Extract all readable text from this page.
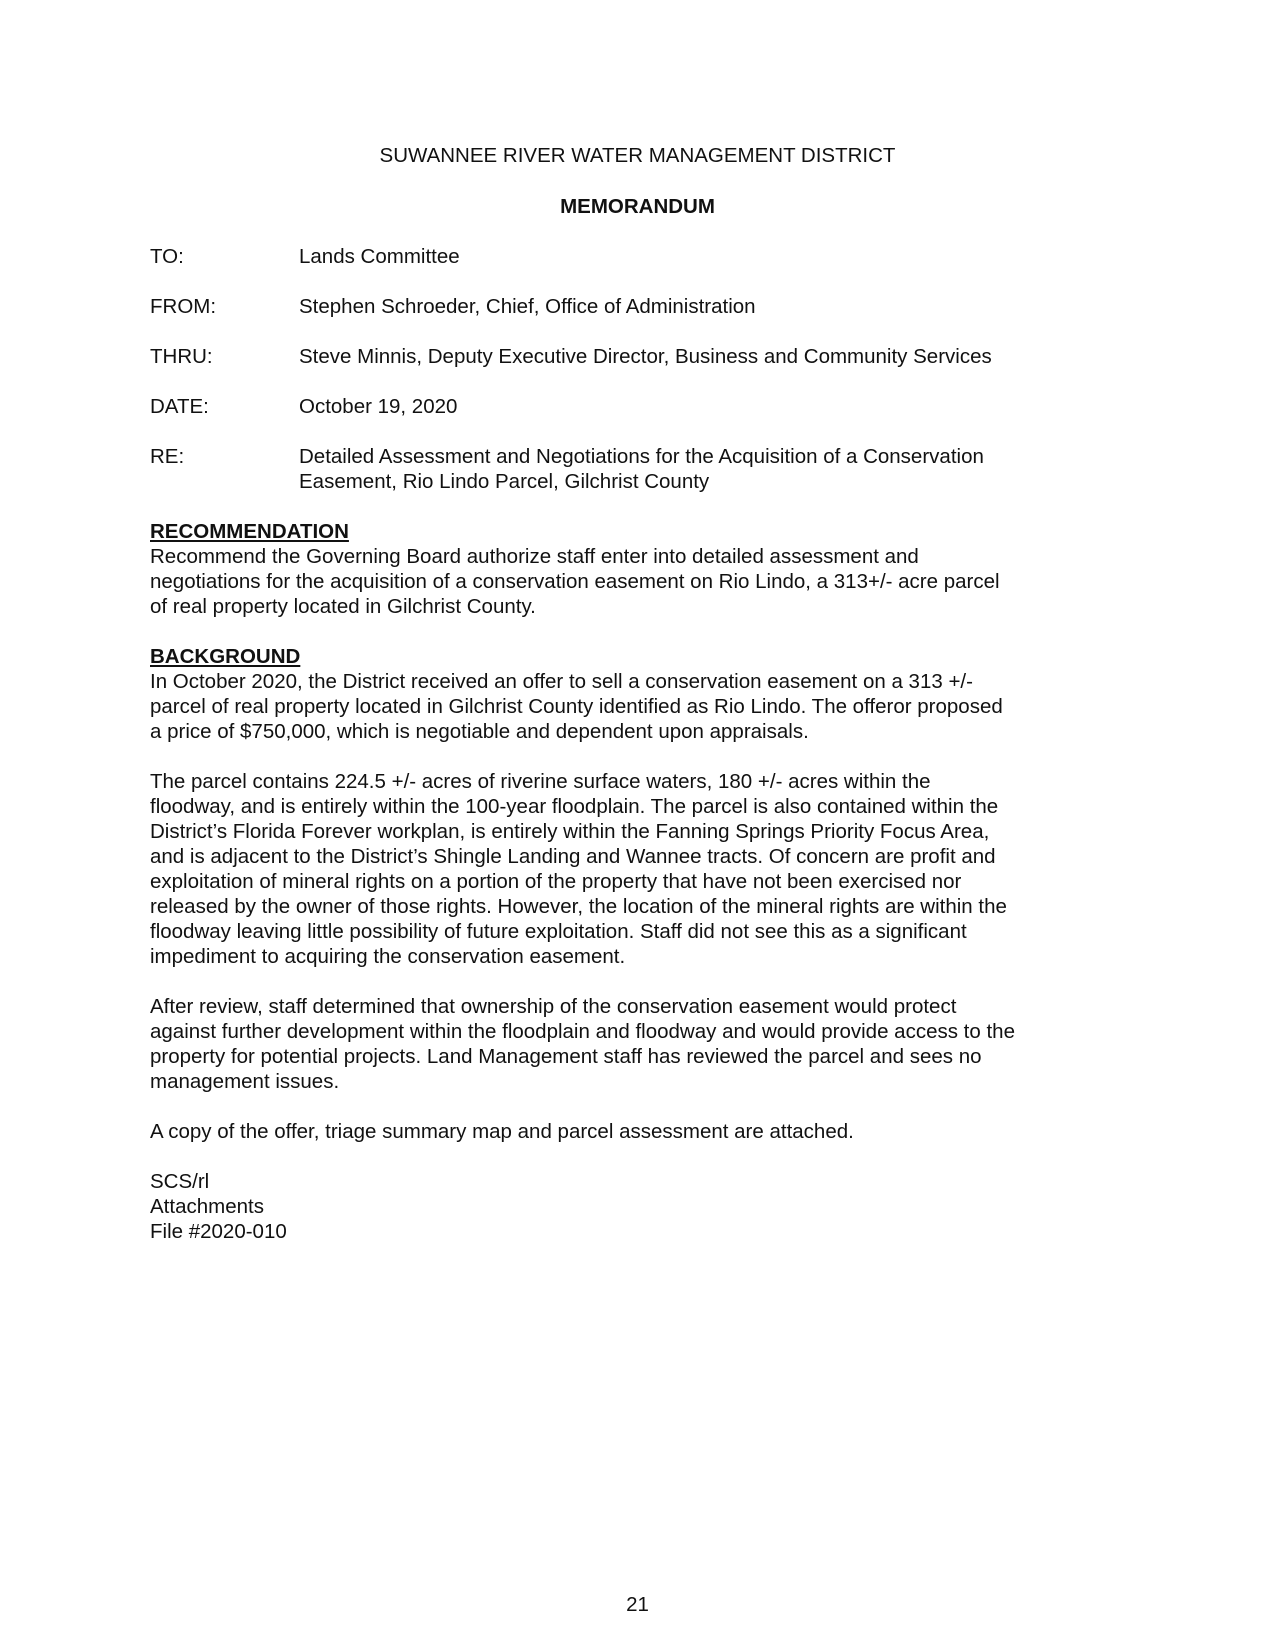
SUWANNEE RIVER WATER MANAGEMENT DISTRICT
MEMORANDUM
TO:	Lands Committee
FROM:	Stephen Schroeder, Chief, Office of Administration
THRU:	Steve Minnis, Deputy Executive Director, Business and Community Services
DATE:	October 19, 2020
RE:	Detailed Assessment and Negotiations for the Acquisition of a Conservation
Easement, Rio Lindo Parcel, Gilchrist County
RECOMMENDATION
Recommend the Governing Board authorize staff enter into detailed assessment and
negotiations for the acquisition of a conservation easement on Rio Lindo, a 313+/- acre parcel
of real property located in Gilchrist County.
BACKGROUND
In October 2020, the District received an offer to sell a conservation easement on a 313 +/-
parcel of real property located in Gilchrist County identified as Rio Lindo. The offeror proposed
a price of $750,000, which is negotiable and dependent upon appraisals.
The parcel contains 224.5 +/- acres of riverine surface waters, 180 +/- acres within the
floodway, and is entirely within the 100-year floodplain. The parcel is also contained within the
District’s Florida Forever workplan, is entirely within the Fanning Springs Priority Focus Area,
and is adjacent to the District’s Shingle Landing and Wannee tracts. Of concern are profit and
exploitation of mineral rights on a portion of the property that have not been exercised nor
released by the owner of those rights. However, the location of the mineral rights are within the
floodway leaving little possibility of future exploitation. Staff did not see this as a significant
impediment to acquiring the conservation easement.
After review, staff determined that ownership of the conservation easement would protect
against further development within the floodplain and floodway and would provide access to the
property for potential projects. Land Management staff has reviewed the parcel and sees no
management issues.
A copy of the offer, triage summary map and parcel assessment are attached.
SCS/rl
Attachments
File #2020-010
21
